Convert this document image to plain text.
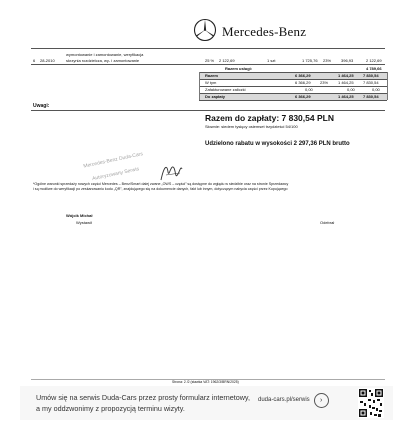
Mercedes-Benz
wymontowanie i zamontowanie, weryfikacja
6 28-2010	skrzynia rozdzielcza, wy- i zamontowanie	25 % 2 122,69	1 szt	1 725,76 23% 396,93	2 122,69
Razem usługi:	4 789,66
Razem	6 366,29	1 464,25 7 830,54
W tym	6 366,29 23% 1 464,25 7 830,54
Zafakturowane zaliczki	0,00	0,00	0,00
Do zapłaty	6 366,29	1 464,25 7 830,54
Uwagi:
Razem do zapłaty: 7 830,54 PLN
Słownie: siedem tysięcy osiemset trzydzieści 54/100
Udzielono rabatu w wysokości 2 297,36 PLN brutto
Mercedes-Benz Duda-Cars
Autoryzowany Serwis
*Ogólne warunki sprzedaży nowych części Mercedes – Benz/Smart dalej zwane „OWS – części” są dostępne do wglądu w siedzibie oraz na stronie Sprzedawcy
i są możliwe do weryfikacji po zeskanowaniu kodu „QR”, znajdującego się na dokumencie danych, fakt lub innym, dotyczącym nabycia części przez Kupującego
Wójcik Michał
Wystawił	Odebrał
Strona: 2 /2 (stawka VAT: 1962/3/BRN/2025)
Umów się na serwis Duda-Cars przez prosty formularz internetowy,
a my oddzwonimy z propozycją terminu wizyty.
duda-cars.pl/serwis	›
